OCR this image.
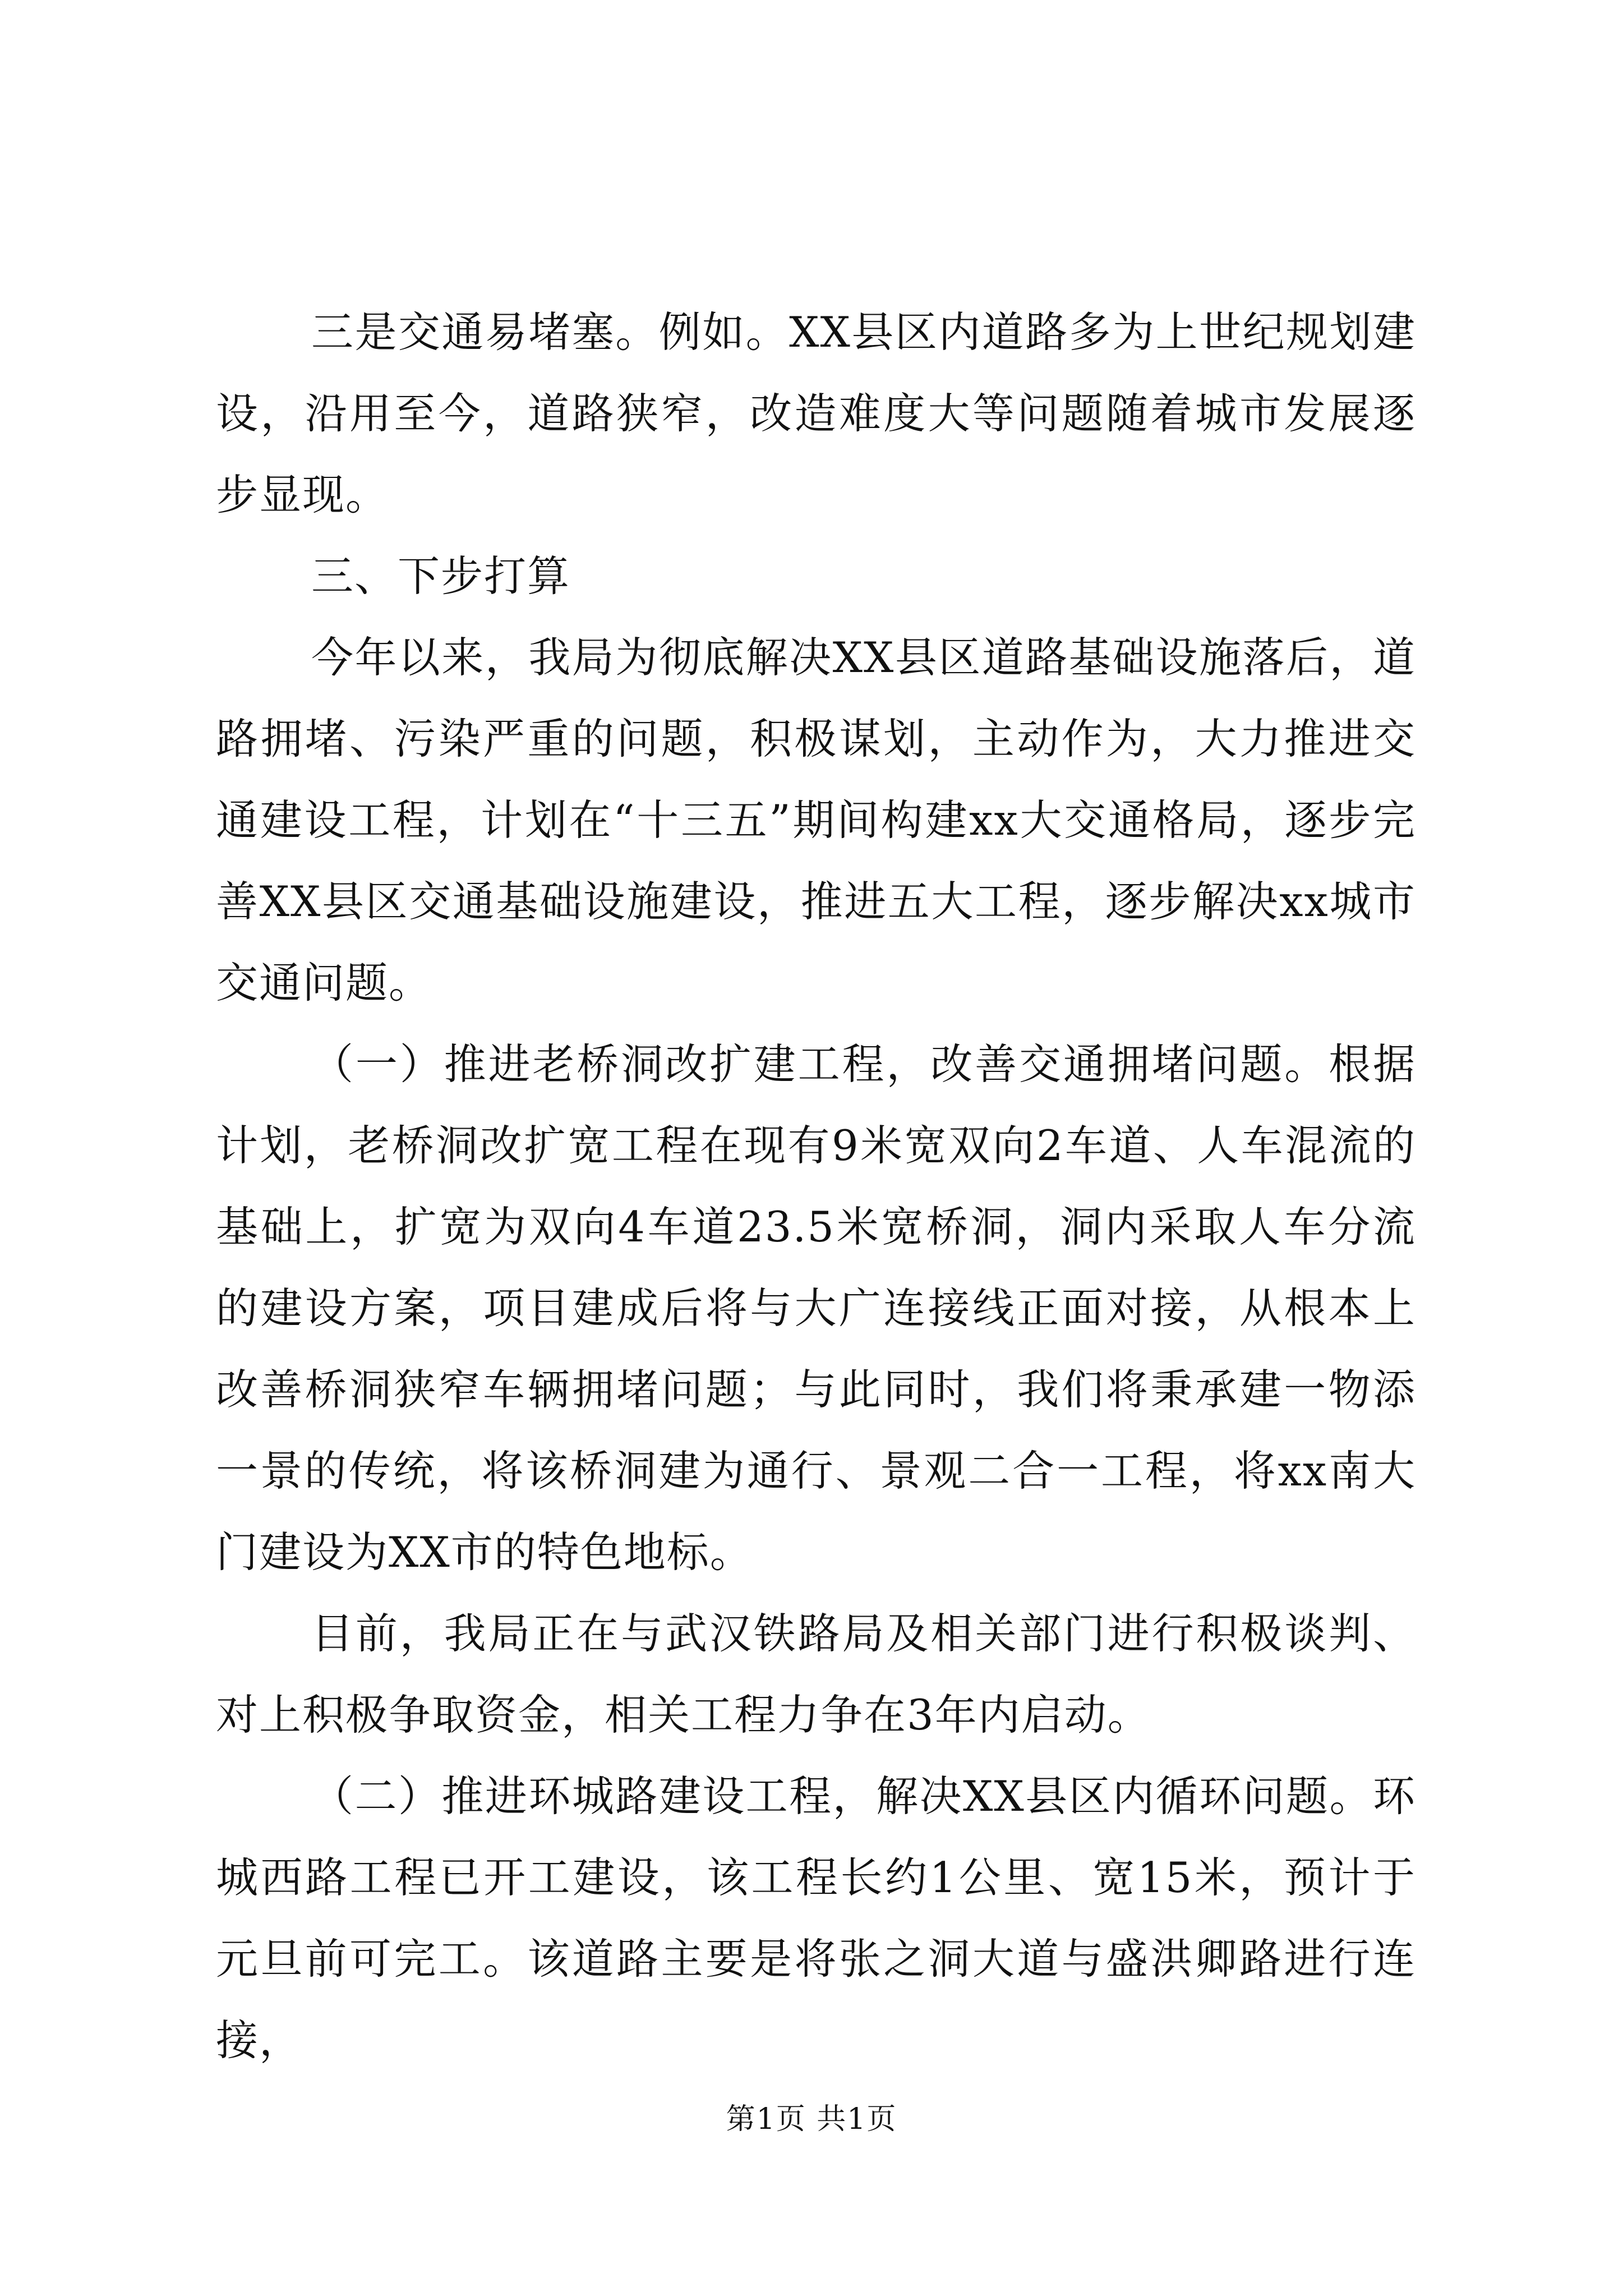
三是交通易堵塞。例如。XX县区内道路多为上世纪规划建设，沿用至今，道路狭窄，改造难度大等问题随着城市发展逐步显现。

三、下步打算

今年以来，我局为彻底解决XX县区道路基础设施落后，道路拥堵、污染严重的问题，积极谋划，主动作为，大力推进交通建设工程，计划在“十三五”期间构建xx大交通格局，逐步完善XX县区交通基础设施建设，推进五大工程，逐步解决xx城市交通问题。

（一）推进老桥洞改扩建工程，改善交通拥堵问题。根据计划，老桥洞改扩宽工程在现有9米宽双向2车道、人车混流的基础上，扩宽为双向4车道23.5米宽桥洞，洞内采取人车分流的建设方案，项目建成后将与大广连接线正面对接，从根本上改善桥洞狭窄车辆拥堵问题；与此同时，我们将秉承建一物添一景的传统，将该桥洞建为通行、景观二合一工程，将xx南大门建设为XX市的特色地标。

目前，我局正在与武汉铁路局及相关部门进行积极谈判、对上积极争取资金，相关工程力争在3年内启动。

（二）推进环城路建设工程，解决XX县区内循环问题。环城西路工程已开工建设，该工程长约1公里、宽15米，预计于元旦前可完工。该道路主要是将张之洞大道与盛洪卿路进行连接，

第1页 共1页
